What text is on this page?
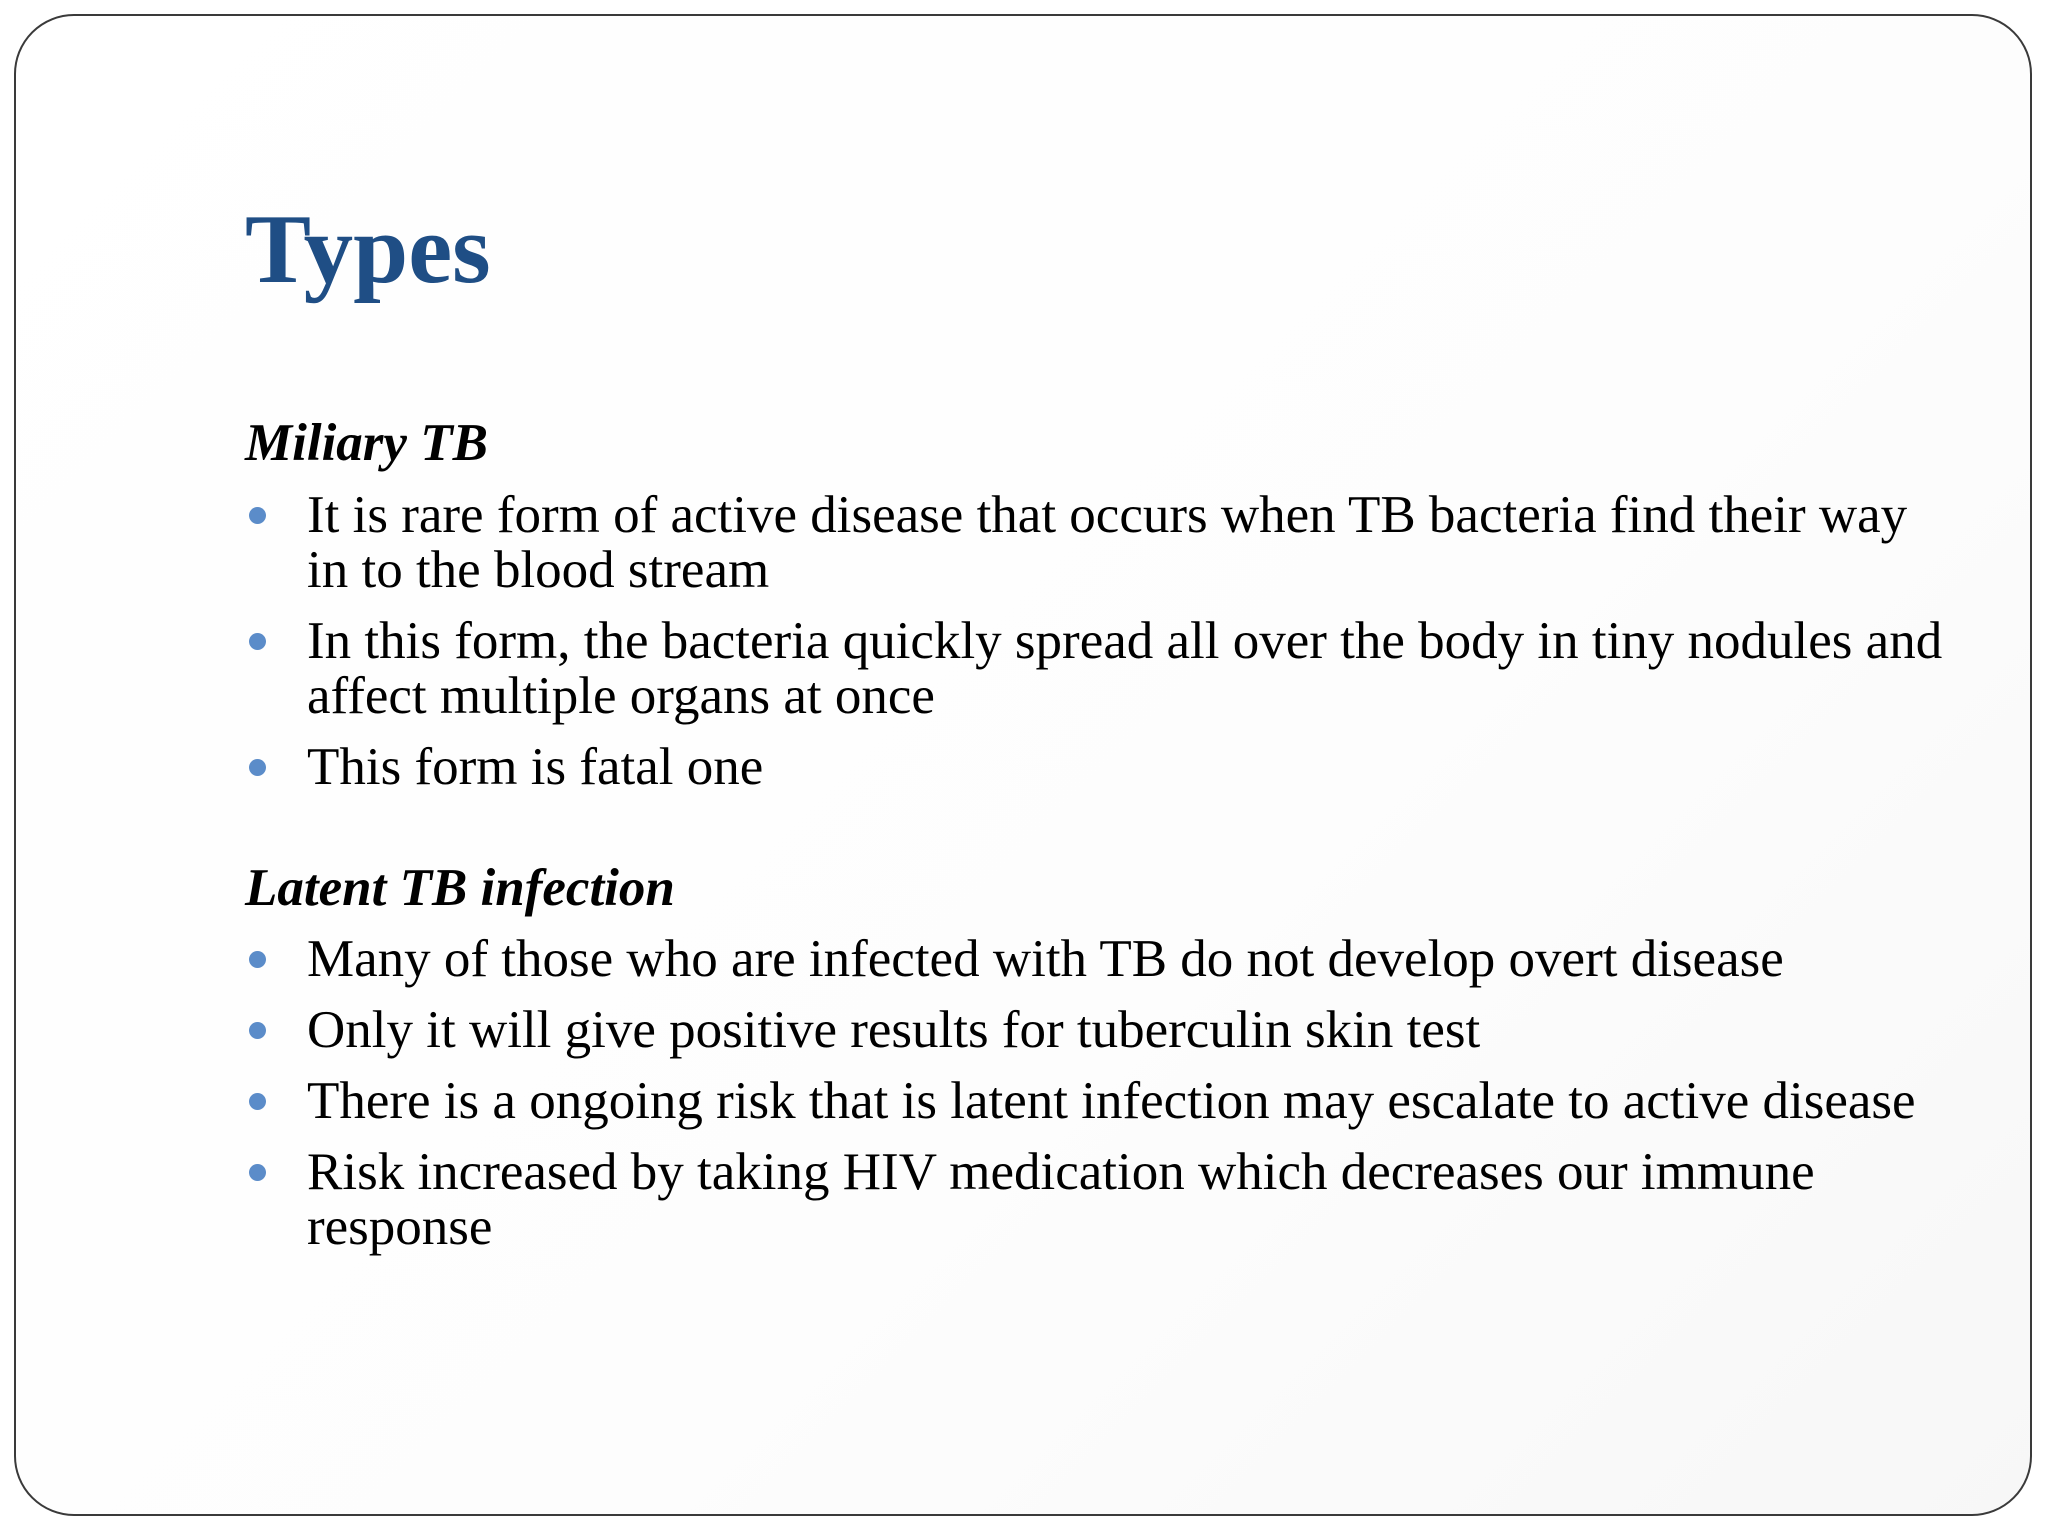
Types
Miliary TB
It is rare form of active disease that occurs when TB bacteria find their way in to the blood stream
In this form, the bacteria quickly spread all over the body in tiny nodules and affect multiple organs at once
This form is fatal one
Latent TB infection
Many of those who are infected with TB do not develop overt disease
Only it will give positive results for tuberculin skin test
There is a ongoing risk that is latent infection may escalate to active disease
Risk increased by taking HIV medication which decreases our immune response
